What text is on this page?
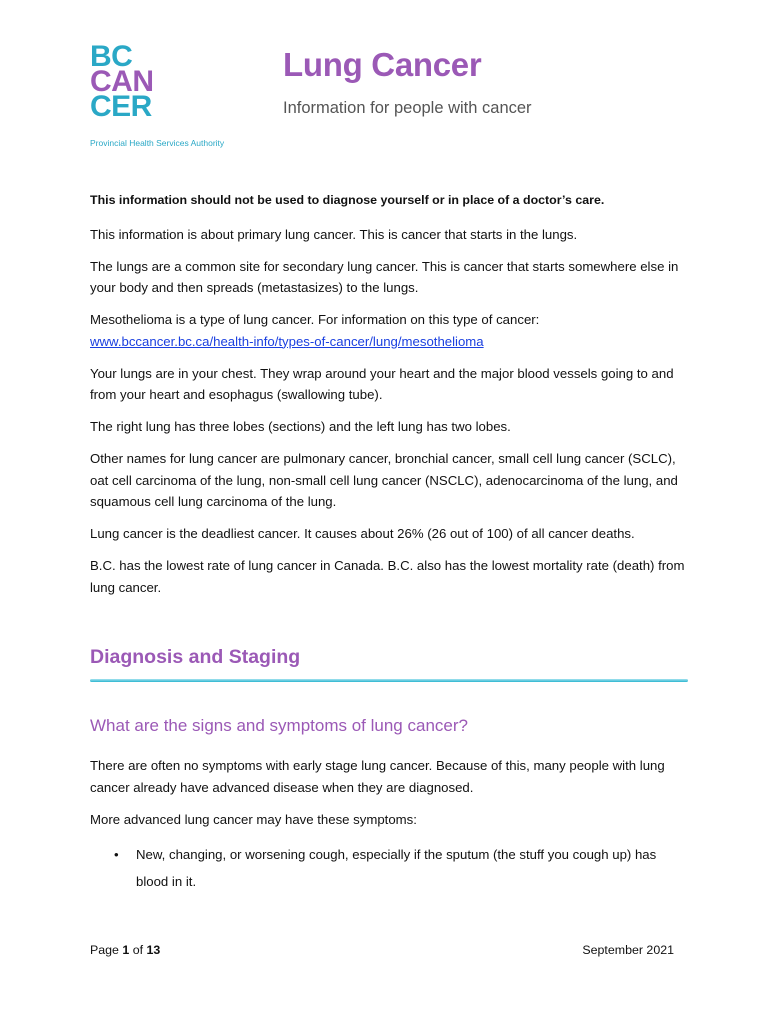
BC

CAN

CER

Provincial Health Services Authority
Lung Cancer

Information for people with cancer

This information should not be used to diagnose yourself or in place of a doctor’s care.

This information is about primary lung cancer. This is cancer that starts in the lungs.

The lungs are a common site for secondary lung cancer. This is cancer that starts somewhere else in your body and then spreads (metastasizes) to the lungs.

Mesothelioma is a type of lung cancer. For information on this type of cancer:
www.bccancer.bc.ca/health-info/types-of-cancer/lung/mesothelioma

Your lungs are in your chest. They wrap around your heart and the major blood vessels going to and from your heart and esophagus (swallowing tube).

The right lung has three lobes (sections) and the left lung has two lobes.

Other names for lung cancer are pulmonary cancer, bronchial cancer, small cell lung cancer (SCLC), oat cell carcinoma of the lung, non-small cell lung cancer (NSCLC), adenocarcinoma of the lung, and squamous cell lung carcinoma of the lung.

Lung cancer is the deadliest cancer. It causes about 26% (26 out of 100) of all cancer deaths.

B.C. has the lowest rate of lung cancer in Canada. B.C. also has the lowest mortality rate (death) from lung cancer.

Diagnosis and Staging
What are the signs and symptoms of lung cancer?

There are often no symptoms with early stage lung cancer. Because of this, many people with lung cancer already have advanced disease when they are diagnosed.

More advanced lung cancer may have these symptoms:

• New, changing, or worsening cough, especially if the sputum (the stuff you cough up) has blood in it.

Page 1 of 13	September 2021
